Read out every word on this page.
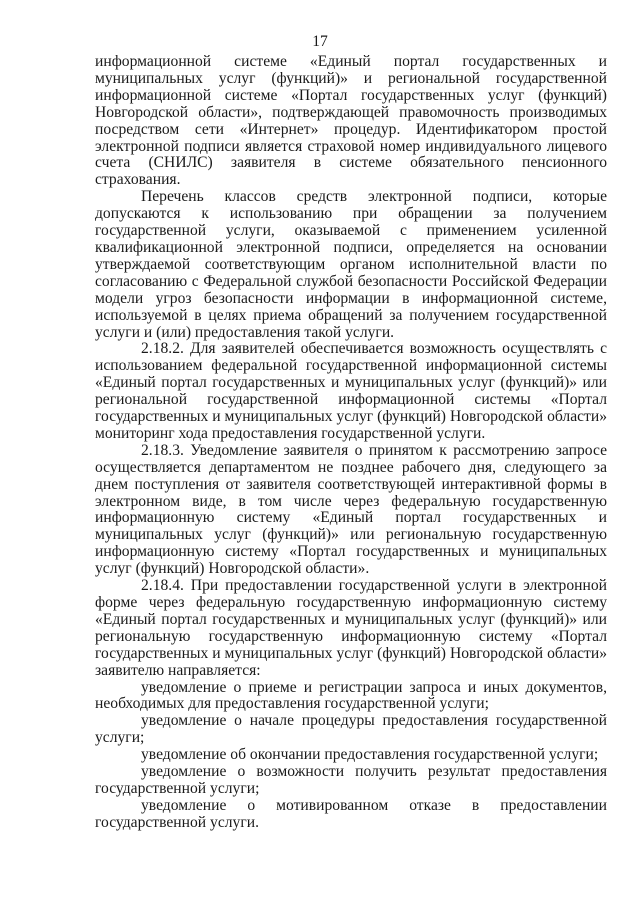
17

информационной системе «Единый портал государственных и муниципальных услуг (функций)» и региональной государственной информационной системе «Портал государственных услуг (функций) Новгородской области», подтверждающей правомочность производимых посредством сети «Интернет» процедур. Идентификатором простой электронной подписи является страховой номер индивидуального лицевого счета (СНИЛС) заявителя в системе обязательного пенсионного страхования.

Перечень классов средств электронной подписи, которые допускаются к использованию при обращении за получением государственной услуги, оказываемой с применением усиленной квалификационной электронной подписи, определяется на основании утверждаемой соответствующим органом исполнительной власти по согласованию с Федеральной службой безопасности Российской Федерации модели угроз безопасности информации в информационной системе, используемой в целях приема обращений за получением государственной услуги и (или) предоставления такой услуги.

2.18.2. Для заявителей обеспечивается возможность осуществлять с использованием федеральной государственной информационной системы «Единый портал государственных и муниципальных услуг (функций)» или региональной государственной информационной системы «Портал государственных и муниципальных услуг (функций) Новгородской области» мониторинг хода предоставления государственной услуги.

2.18.3. Уведомление заявителя о принятом к рассмотрению запросе осуществляется департаментом не позднее рабочего дня, следующего за днем поступления от заявителя соответствующей интерактивной формы в электронном виде, в том числе через федеральную государственную информационную систему «Единый портал государственных и муниципальных услуг (функций)» или региональную государственную информационную систему «Портал государственных и муниципальных услуг (функций) Новгородской области».

2.18.4. При предоставлении государственной услуги в электронной форме через федеральную государственную информационную систему «Единый портал государственных и муниципальных услуг (функций)» или региональную государственную информационную систему «Портал государственных и муниципальных услуг (функций) Новгородской области» заявителю направляется:

уведомление о приеме и регистрации запроса и иных документов, необходимых для предоставления государственной услуги;

уведомление о начале процедуры предоставления государственной услуги;

уведомление об окончании предоставления государственной услуги;

уведомление о возможности получить результат предоставления государственной услуги;

уведомление о мотивированном отказе в предоставлении государственной услуги.
